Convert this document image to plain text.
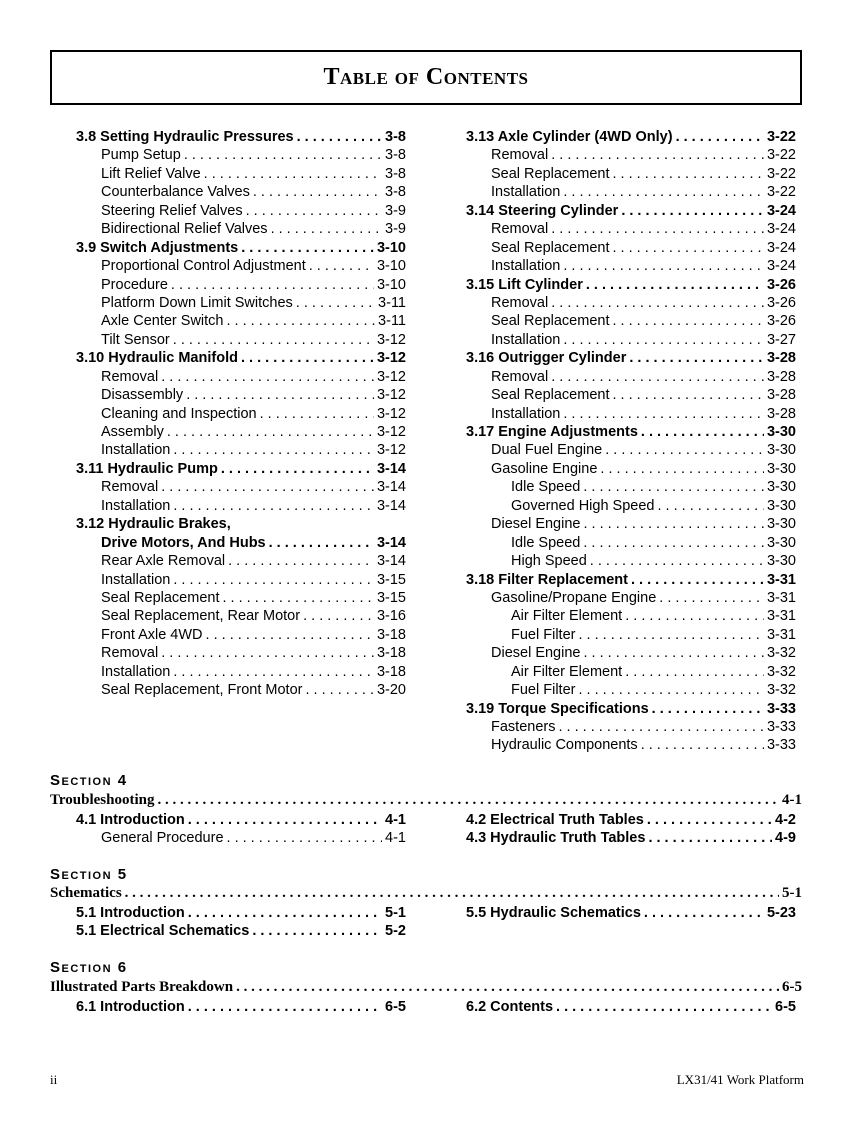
Table of Contents
3.8 Setting Hydraulic Pressures . . .	3-8
Pump Setup . . .	3-8
Lift Relief Valve . . .	3-8
Counterbalance Valves . . .	3-8
Steering Relief Valves . . .	3-9
Bidirectional Relief Valves . . .	3-9
3.9 Switch Adjustments . . .	3-10
Proportional Control Adjustment . . .	3-10
Procedure . . .	3-10
Platform Down Limit Switches . . .	3-11
Axle Center Switch . . .	3-11
Tilt Sensor . . .	3-12
3.10 Hydraulic Manifold . . .	3-12
Removal . . .	3-12
Disassembly . . .	3-12
Cleaning and Inspection . . .	3-12
Assembly . . .	3-12
Installation . . .	3-12
3.11 Hydraulic Pump . . .	3-14
Removal . . .	3-14
Installation . . .	3-14
3.12 Hydraulic Brakes,
Drive Motors, And Hubs . . .	3-14
Rear Axle Removal . . .	3-14
Installation . . .	3-15
Seal Replacement . . .	3-15
Seal Replacement, Rear Motor . . .	3-16
Front Axle 4WD . . .	3-18
Removal . . .	3-18
Installation . . .	3-18
Seal Replacement, Front Motor . . .	3-20
3.13 Axle Cylinder (4WD Only) . . .	3-22
Removal . . .	3-22
Seal Replacement . . .	3-22
Installation . . .	3-22
3.14 Steering Cylinder . . .	3-24
Removal . . .	3-24
Seal Replacement . . .	3-24
Installation . . .	3-24
3.15 Lift Cylinder . . .	3-26
Removal . . .	3-26
Seal Replacement . . .	3-26
Installation . . .	3-27
3.16 Outrigger Cylinder . . .	3-28
Removal . . .	3-28
Seal Replacement . . .	3-28
Installation . . .	3-28
3.17 Engine Adjustments . . .	3-30
Dual Fuel Engine . . .	3-30
Gasoline Engine . . .	3-30
Idle Speed . . .	3-30
Governed High Speed . . .	3-30
Diesel Engine . . .	3-30
Idle Speed . . .	3-30
High Speed . . .	3-30
3.18 Filter Replacement . . .	3-31
Gasoline/Propane Engine . . .	3-31
Air Filter Element . . .	3-31
Fuel Filter . . .	3-31
Diesel Engine . . .	3-32
Air Filter Element . . .	3-32
Fuel Filter . . .	3-32
3.19 Torque Specifications . . .	3-33
Fasteners . . .	3-33
Hydraulic Components . . .	3-33
Section 4
Troubleshooting . . .	4-1
4.1 Introduction . . .	4-1
General Procedure . . .	4-1
4.2 Electrical Truth Tables . . .	4-2
4.3 Hydraulic Truth Tables . . .	4-9
Section 5
Schematics . . .	5-1
5.1 Introduction . . .	5-1
5.1 Electrical Schematics . . .	5-2
5.5 Hydraulic Schematics . . .	5-23
Section 6
Illustrated Parts Breakdown . . .	6-5
6.1 Introduction . . .	6-5	6.2 Contents . . .	6-5
ii	LX31/41 Work Platform
